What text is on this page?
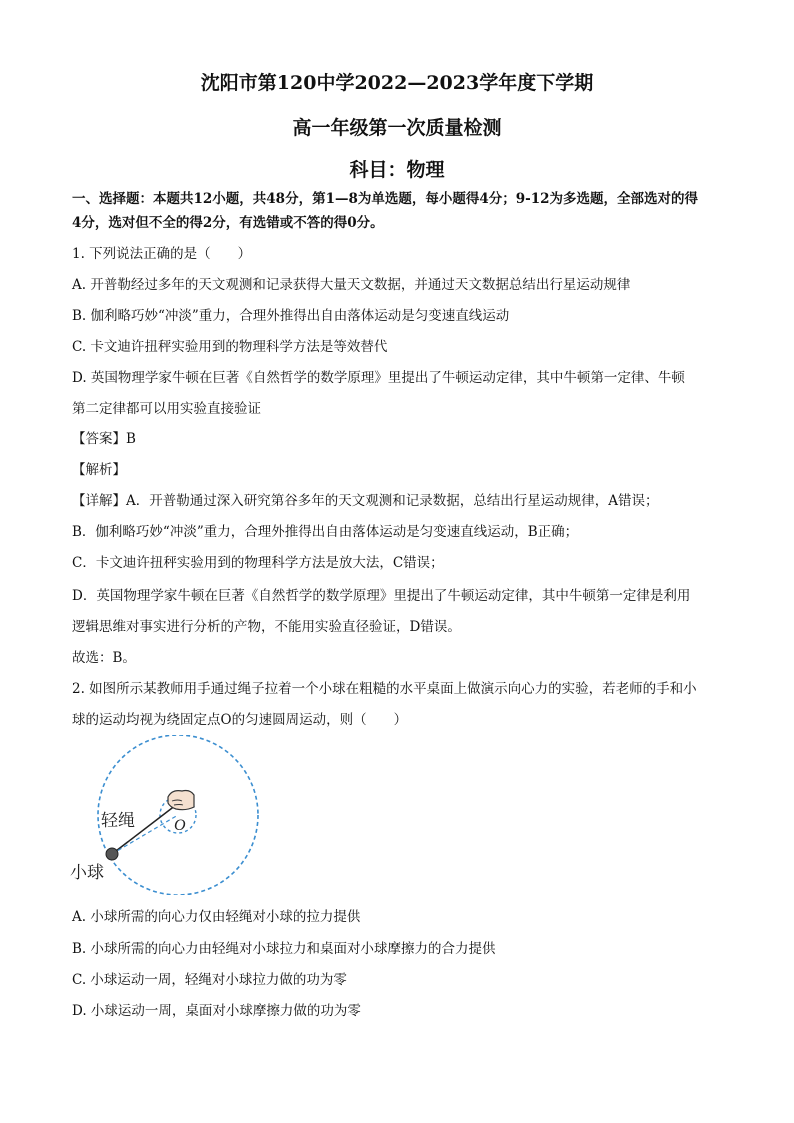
沈阳市第120中学2022—2023学年度下学期
高一年级第一次质量检测
科目：物理
一、选择题：本题共12小题，共48分，第1—8为单选题，每小题得4分；9-12为多选题，全部选对的得
4分，选对但不全的得2分，有选错或不答的得0分。
1. 下列说法正确的是（　　）
A. 开普勒经过多年的天文观测和记录获得大量天文数据，并通过天文数据总结出行星运动规律
B. 伽利略巧妙“冲淡”重力，合理外推得出自由落体运动是匀变速直线运动
C. 卡文迪许扭秤实验用到的物理科学方法是等效替代
D. 英国物理学家牛顿在巨著《自然哲学的数学原理》里提出了牛顿运动定律，其中牛顿第一定律、牛顿
第二定律都可以用实验直接验证
【答案】B
【解析】
【详解】A．开普勒通过深入研究第谷多年的天文观测和记录数据，总结出行星运动规律，A错误；
B．伽利略巧妙“冲淡”重力，合理外推得出自由落体运动是匀变速直线运动，B正确；
C．卡文迪许扭秤实验用到的物理科学方法是放大法，C错误；
D．英国物理学家牛顿在巨著《自然哲学的数学原理》里提出了牛顿运动定律，其中牛顿第一定律是利用
逻辑思维对事实进行分析的产物，不能用实验直径验证，D错误。
故选：B。
2. 如图所示某教师用手通过绳子拉着一个小球在粗糙的水平桌面上做演示向心力的实验，若老师的手和小
球的运动均视为绕固定点O的匀速圆周运动，则（　　）
轻绳 O
小球
A. 小球所需的向心力仅由轻绳对小球的拉力提供
B. 小球所需的向心力由轻绳对小球拉力和桌面对小球摩擦力的合力提供
C. 小球运动一周，轻绳对小球拉力做的功为零
D. 小球运动一周，桌面对小球摩擦力做的功为零
